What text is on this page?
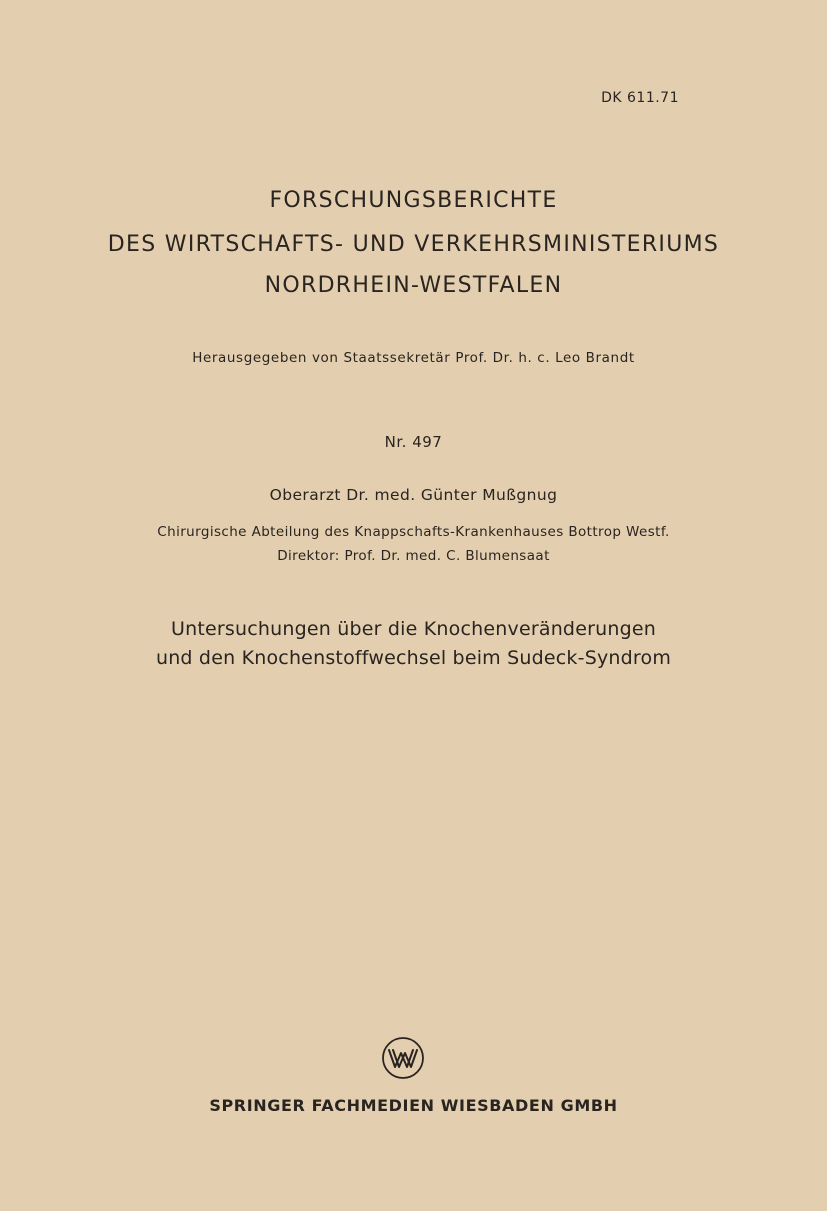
DK 611.71
FORSCHUNGSBERICHTE
DES WIRTSCHAFTS- UND VERKEHRSMINISTERIUMS
NORDRHEIN-WESTFALEN
Herausgegeben von Staatssekretär Prof. Dr. h. c. Leo Brandt
Nr. 497
Oberarzt Dr. med. Günter Mußgnug
Chirurgische Abteilung des Knappschafts-Krankenhauses Bottrop Westf.
Direktor: Prof. Dr. med. C. Blumensaat
Untersuchungen über die Knochenveränderungen
und den Knochenstoffwechsel beim Sudeck-Syndrom
SPRINGER FACHMEDIEN WIESBADEN GMBH
